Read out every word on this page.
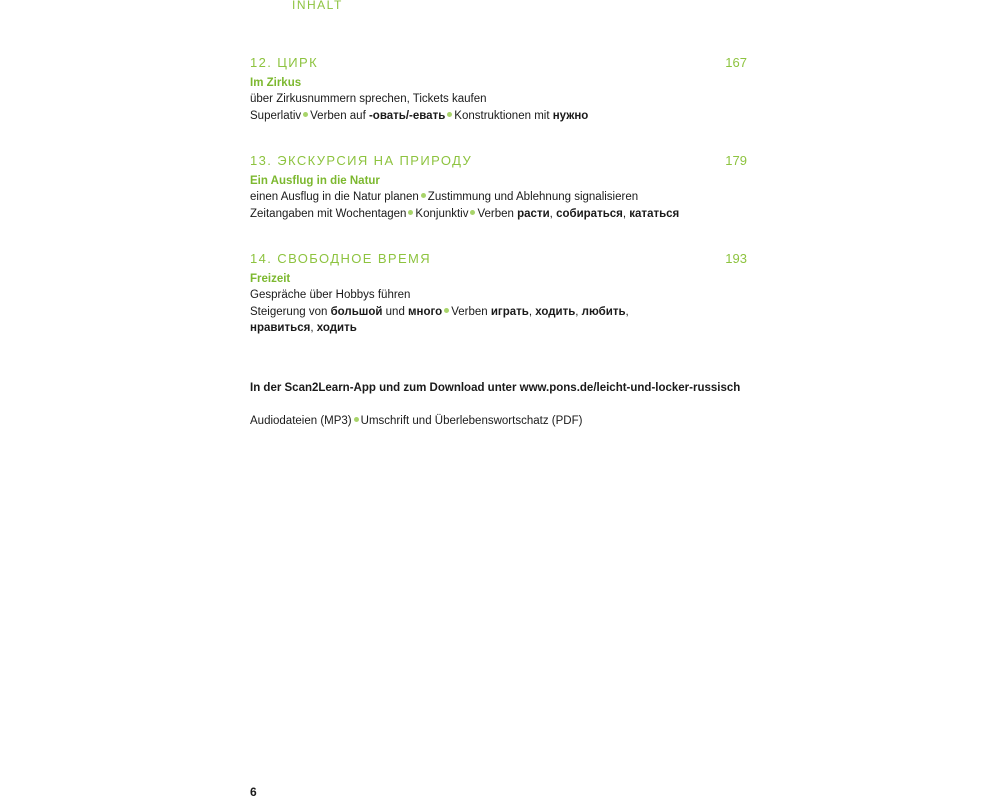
INHALT
12. ЦИРК	167
Im Zirkus
über Zirkusnummern sprechen, Tickets kaufen
Superlativ Verben auf -овать/-евать Konstruktionen mit нужно
13. ЭКСКУРСИЯ НА ПРИРОДУ	179
Ein Ausflug in die Natur
einen Ausflug in die Natur planen Zustimmung und Ablehnung signalisieren
Zeitangaben mit Wochentagen Konjunktiv Verben расти, собираться, кататься
14. СВОБОДНОЕ ВРЕМЯ	193
Freizeit
Gespräche über Hobbys führen
Steigerung von большой und много Verben играть, ходить, любить,
нравиться, ходить
In der Scan2Learn-App und zum Download unter www.pons.de/leicht-und-locker-russisch
Audiodateien (MP3) Umschrift und Überlebenswortschatz (PDF)
6
